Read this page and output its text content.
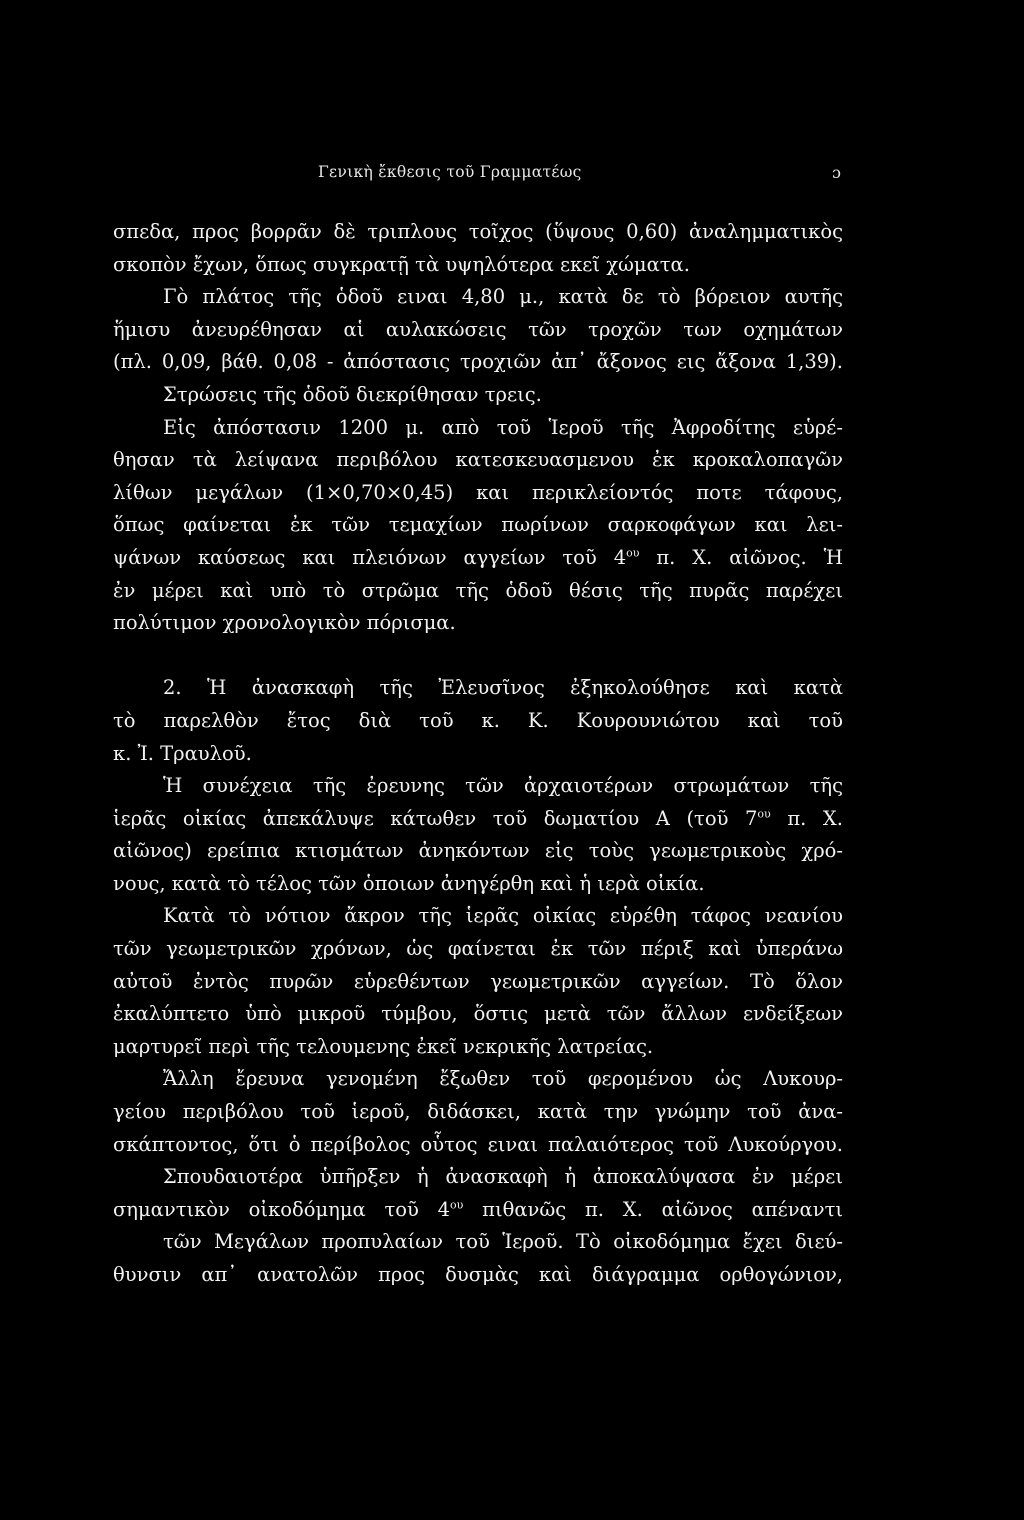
Γενικὴ ἔκθεσις τοῦ Γραμματέως	ɔ
σπεδα, προς βορρᾶν δὲ τριπλους τοῖχος (ὕψους 0,60) ἀναλημματικὸς
σκοπὸν ἔχων, ὅπως συγκρατῇ τὰ υψηλότερα εκεῖ χώματα.
Γὸ πλάτος τῆς ὁδοῦ ειναι 4,80 μ., κατὰ δε τὸ βόρειον αυτῆς
ἥμισυ ἀνευρέθησαν αἱ αυλακώσεις τῶν τροχῶν των οχημάτων
(πλ. 0,09, βάθ. 0,08 - ἀπόστασις τροχιῶν ἀπ᾽ ἄξονος εις ἄξονα 1,39).
Στρώσεις τῆς ὁδοῦ διεκρίθησαν τρεις.
Εἰς ἀπόστασιν 1200 μ. απὸ τοῦ Ἱεροῦ τῆς Ἀφροδίτης εὑρέ-
θησαν τὰ λείψανα περιβόλου κατεσκευασμενου ἐκ κροκαλοπαγῶν
λίθων μεγάλων (1×0,70×0,45) και περικλείοντός ποτε τάφους,
ὅπως φαίνεται ἐκ τῶν τεμαχίων πωρίνων σαρκοφάγων και λει-
ψάνων καύσεως και πλειόνων αγγείων τοῦ $4^{o\upsilon}$ π. Χ. αἰῶνος. Ἡ
ἐν μέρει καὶ υπὸ τὸ στρῶμα τῆς ὁδοῦ θέσις τῆς πυρᾶς παρέχει
πολύτιμον χρονολογικὸν πόρισμα.

2. Ἡ ἀνασκαφὴ τῆς Ἐλευσῖνος ἐξηκολούθησε καὶ κατὰ
τὸ παρελθὸν ἔτος διὰ τοῦ κ. Κ. Κουρουνιώτου καὶ τοῦ
κ. Ἰ. Τραυλοῦ.
Ἡ συνέχεια τῆς ἐρευνης τῶν ἀρχαιοτέρων στρωμάτων τῆς
ἱερᾶς οἰκίας ἀπεκάλυψε κάτωθεν τοῦ δωματίου Α (τοῦ $7^{o\upsilon}$ π. Χ.
αἰῶνος) ερείπια κτισμάτων ἀνηκόντων εἰς τοὺς γεωμετρικοὺς χρό-
νους, κατὰ τὸ τέλος τῶν ὁποιων ἀνηγέρθη καὶ ἡ ιερὰ οἰκία.
Κατὰ τὸ νότιον ἄκρον τῆς ἱερᾶς οἰκίας εὑρέθη τάφος νεανίου
τῶν γεωμετρικῶν χρόνων, ὡς φαίνεται ἐκ τῶν πέριξ καὶ ὑπεράνω
αὐτοῦ ἐντὸς πυρῶν εὑρεθέντων γεωμετρικῶν αγγείων. Τὸ ὅλον
ἐκαλύπτετο ὑπὸ μικροῦ τύμβου, ὅστις μετὰ τῶν ἄλλων ενδείξεων
μαρτυρεῖ περὶ τῆς τελουμενης ἐκεῖ νεκρικῆς λατρείας.
Ἄλλη ἔρευνα γενομένη ἔξωθεν τοῦ φερομένου ὡς Λυκουρ-
γείου περιβόλου τοῦ ἱεροῦ, διδάσκει, κατὰ την γνώμην τοῦ ἀνα-
σκάπτοντος, ὅτι ὁ περίβολος οὗτος ειναι παλαιότερος τοῦ Λυκούργου.
Σπουδαιοτέρα ὑπῆρξεν ἡ ἀνασκαφὴ ἡ ἀποκαλύψασα ἐν μέρει
σημαντικὸν οἰκοδόμημα τοῦ $4^{o\upsilon}$ πιθανῶς π. Χ. αἰῶνος απέναντι
τῶν Μεγάλων προπυλαίων τοῦ Ἱεροῦ. Τὸ οἰκοδόμημα ἔχει διεύ-
θυνσιν απ᾽ ανατολῶν προς δυσμὰς καὶ διάγραμμα ορθογώνιον,
